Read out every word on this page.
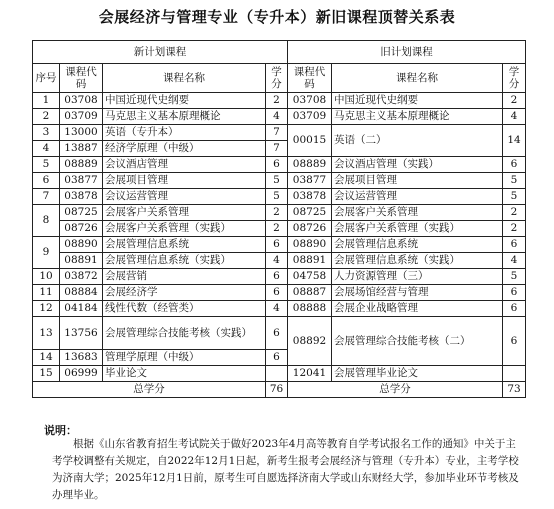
会展经济与管理专业（专升本）新旧课程顶替关系表
新计划课程				旧计划课程		
序号	课程代码	课程名称	学分	课程代码	课程名称	学分
1	03708	中国近现代史纲要	2	03708	中国近现代史纲要	2
2	03709	马克思主义基本原理概论	4	03709	马克思主义基本原理概论	4
3	13000	英语（专升本）	7	00015	英语（二）	14
4	13887	经济学原理（中级）	7			
5	08889	会议酒店管理	6	08889	会议酒店管理（实践）	6
6	03877	会展项目管理	5	03877	会展项目管理	5
7	03878	会议运营管理	5	03878	会议运营管理	5
8	08725	会展客户关系管理	2	08725	会展客户关系管理	2
	08726	会展客户关系管理（实践）	2	08726	会展客户关系管理（实践）	2
9	08890	会展管理信息系统	6	08890	会展管理信息系统	6
	08891	会展管理信息系统（实践）	4	08891	会展管理信息系统（实践）	4
10	03872	会展营销	6	04758	人力资源管理（三）	5
11	08884	会展经济学	6	08887	会展场馆经营与管理	6
12	04184	线性代数（经管类）	4	08888	会展企业战略管理	6
13	13756	会展管理综合技能考核（实践）	6	08892	会展管理综合技能考核（二）	6
14	13683	管理学原理（中级）	6			
15	06999	毕业论文		12041	会展管理毕业论文	
总学分			76	总学分		73
说明：
根据《山东省教育招生考试院关于做好2023年4月高等教育自学考试报名工作的通知》中关于主考学校调整有关规定，自2022年12月1日起，新考生报考会展经济与管理（专升本）专业，主考学校为济南大学；2025年12月1日前，原考生可自愿选择济南大学或山东财经大学，参加毕业环节考核及办理毕业。
